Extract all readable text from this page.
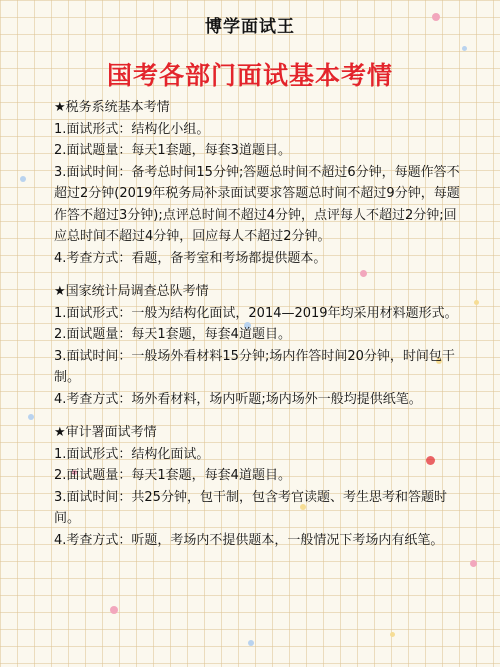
博学面试王
国考各部门面试基本考情

★税务系统基本考情

1.面试形式：结构化小组。

2.面试题量：每天1套题，每套3道题目。

3.面试时间：备考总时间15分钟;答题总时间不超过6分钟，每题作答不超过2分钟(2019年税务局补录面试要求答题总时间不超过9分钟，每题作答不超过3分钟);点评总时间不超过4分钟，点评每人不超过2分钟;回应总时间不超过4分钟，回应每人不超过2分钟。

4.考查方式：看题，备考室和考场都提供题本。

★国家统计局调查总队考情

1.面试形式：一般为结构化面试，2014—2019年均采用材料题形式。

2.面试题量：每天1套题，每套4道题目。

3.面试时间：一般场外看材料15分钟;场内作答时间20分钟，时间包干制。

4.考查方式：场外看材料，场内听题;场内场外一般均提供纸笔。

★审计署面试考情

1.面试形式：结构化面试。

2.面试题量：每天1套题，每套4道题目。

3.面试时间：共25分钟，包干制，包含考官读题、考生思考和答题时间。

4.考查方式：听题，考场内不提供题本，一般情况下考场内有纸笔。
